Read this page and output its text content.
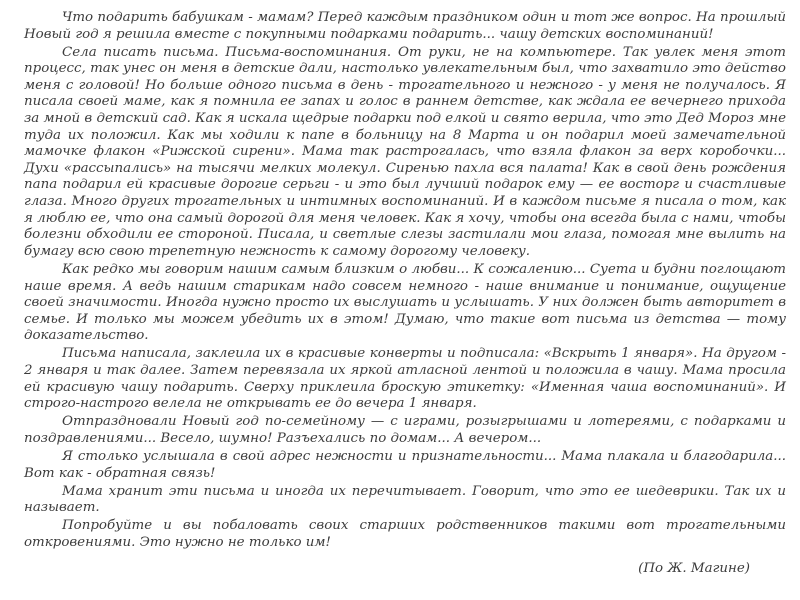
Что подарить бабушкам - мамам? Перед каждым праздником один и тот же вопрос. На прошлый Новый год я решила вместе с покупными подарками подарить... чашу детских воспоминаний!

Села писать письма. Письма-воспоминания. От руки, не на компьютере. Так увлек меня этот процесс, так унес он меня в детские дали, настолько увлекательным был, что захватило это действо меня с головой! Но больше одного письма в день - трогательного и нежного - у меня не получалось. Я писала своей маме, как я помнила ее запах и голос в раннем детстве, как ждала ее вечернего прихода за мной в детский сад. Как я искала щедрые подарки под елкой и свято верила, что это Дед Мороз мне туда их положил. Как мы ходили к папе в больницу на 8 Марта и он подарил моей замечательной мамочке флакон «Рижской сирени». Мама так растрогалась, что взяла флакон за верх коробочки... Духи «рассыпались» на тысячи мелких молекул. Сиренью пахла вся палата! Как в свой день рождения папа подарил ей красивые дорогие серьги - и это был лучший подарок ему — ее восторг и счастливые глаза. Много других трогательных и интимных воспоминаний. И в каждом письме я писала о том, как я люблю ее, что она самый дорогой для меня человек. Как я хочу, чтобы она всегда была с нами, чтобы болезни обходили ее стороной. Писала, и светлые слезы застилали мои глаза, помогая мне вылить на бумагу всю свою трепетную нежность к самому дорогому человеку.

Как редко мы говорим нашим самым близким о любви... К сожалению... Суета и будни поглощают наше время. А ведь нашим старикам надо совсем немного - наше внимание и понимание, ощущение своей значимости. Иногда нужно просто их выслушать и услышать. У них должен быть авторитет в семье. И только мы можем убедить их в этом! Думаю, что такие вот письма из детства — тому доказательство.

Письма написала, заклеила их в красивые конверты и подписала: «Вскрыть 1 января». На другом - 2 января и так далее. Затем перевязала их яркой атласной лентой и положила в чашу. Мама просила ей красивую чашу подарить. Сверху приклеила броскую этикетку: «Именная чаша воспоминаний». И строго-настрого велела не открывать ее до вечера 1 января.

Отпраздновали Новый год по-семейному — с играми, розыгрышами и лотереями, с подарками и поздравлениями... Весело, шумно! Разъехались по домам... А вечером...

Я столько услышала в свой адрес нежности и признательности... Мама плакала и благодарила... Вот как - обратная связь!

Мама хранит эти письма и иногда их перечитывает. Говорит, что это ее шедеврики. Так их и называет.

Попробуйте и вы побаловать своих старших родственников такими вот трогательными откровениями. Это нужно не только им!

(По Ж. Магине)
